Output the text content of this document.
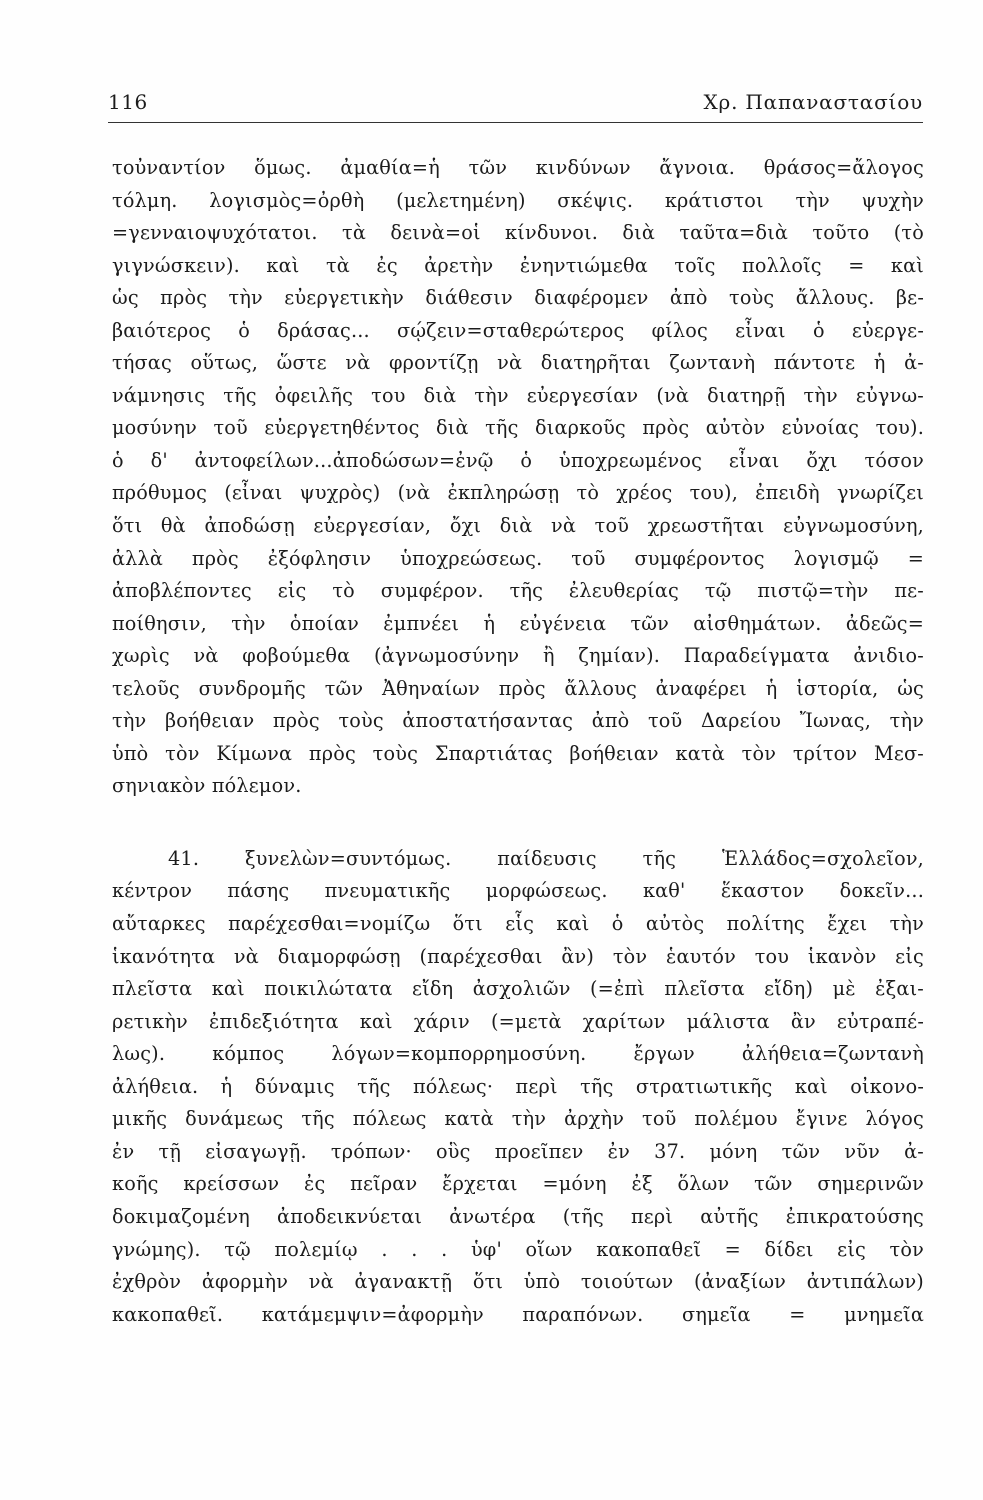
116	Χρ. Παπαναστασίου
τοὐναντίον ὅμως. ἀμαθία=ἡ τῶν κινδύνων ἄγνοια. θράσος=ἄλογος
τόλμη. λογισμὸς=ὀρθὴ (μελετημένη) σκέψις. κράτιστοι τὴν ψυχὴν
=γενναιοψυχότατοι. τὰ δεινὰ=οἱ κίνδυνοι. διὰ ταῦτα=διὰ τοῦτο (τὸ
γιγνώσκειν). καὶ τὰ ἐς ἀρετὴν ἐνηντιώμεθα τοῖς πολλοῖς = καὶ
ὡς πρὸς τὴν εὐεργετικὴν διάθεσιν διαφέρομεν ἀπὸ τοὺς ἄλλους. βε-
βαιότερος ὁ δράσας... σῴζειν=σταθερώτερος φίλος εἶναι ὁ εὐεργε-
τήσας οὕτως, ὥστε νὰ φροντίζῃ νὰ διατηρῆται ζωντανὴ πάντοτε ἡ ἀ-
νάμνησις τῆς ὀφειλῆς του διὰ τὴν εὐεργεσίαν (νὰ διατηρῇ τὴν εὐγνω-
μοσύνην τοῦ εὐεργετηθέντος διὰ τῆς διαρκοῦς πρὸς αὐτὸν εὐνοίας του).
ὁ δ' ἀντοφείλων...ἀποδώσων=ἐνῷ ὁ ὑποχρεωμένος εἶναι ὄχι τόσον
πρόθυμος (εἶναι ψυχρὸς) (νὰ ἐκπληρώσῃ τὸ χρέος του), ἐπειδὴ γνωρίζει
ὅτι θὰ ἀποδώσῃ εὐεργεσίαν, ὄχι διὰ νὰ τοῦ χρεωστῆται εὐγνωμοσύνη,
ἀλλὰ πρὸς ἐξόφλησιν ὑποχρεώσεως. τοῦ συμφέροντος λογισμῷ =
ἀποβλέποντες εἰς τὸ συμφέρον. τῆς ἐλευθερίας τῷ πιστῷ=τὴν πε-
ποίθησιν, τὴν ὁποίαν ἐμπνέει ἡ εὐγένεια τῶν αἰσθημάτων. ἀδεῶς=
χωρὶς νὰ φοβούμεθα (ἀγνωμοσύνην ἢ ζημίαν). Παραδείγματα ἀνιδιο-
τελοῦς συνδρομῆς τῶν Ἀθηναίων πρὸς ἄλλους ἀναφέρει ἡ ἱστορία, ὡς
τὴν βοήθειαν πρὸς τοὺς ἀποστατήσαντας ἀπὸ τοῦ Δαρείου Ἴωνας, τὴν
ὑπὸ τὸν Κίμωνα πρὸς τοὺς Σπαρτιάτας βοήθειαν κατὰ τὸν τρίτον Μεσ-
σηνιακὸν πόλεμον.
41. ξυνελὼν=συντόμως. παίδευσις τῆς Ἑλλάδος=σχολεῖον,
κέντρον πάσης πνευματικῆς μορφώσεως. καθ' ἕκαστον δοκεῖν...
αὔταρκες παρέχεσθαι=νομίζω ὅτι εἷς καὶ ὁ αὐτὸς πολίτης ἔχει τὴν
ἱκανότητα νὰ διαμορφώσῃ (παρέχεσθαι ἂν) τὸν ἑαυτόν του ἱκανὸν εἰς
πλεῖστα καὶ ποικιλώτατα εἴδη ἀσχολιῶν (=ἐπὶ πλεῖστα εἴδη) μὲ ἐξαι-
ρετικὴν ἐπιδεξιότητα καὶ χάριν (=μετὰ χαρίτων μάλιστα ἂν εὐτραπέ-
λως). κόμπος λόγων=κομπορρημοσύνη. ἔργων ἀλήθεια=ζωντανὴ
ἀλήθεια. ἡ δύναμις τῆς πόλεως· περὶ τῆς στρατιωτικῆς καὶ οἰκονο-
μικῆς δυνάμεως τῆς πόλεως κατὰ τὴν ἀρχὴν τοῦ πολέμου ἔγινε λόγος
ἐν τῇ εἰσαγωγῇ. τρόπων· οὓς προεῖπεν ἐν 37. μόνη τῶν νῦν ἀ-
κοῆς κρείσσων ἐς πεῖραν ἔρχεται =μόνη ἐξ ὅλων τῶν σημερινῶν
δοκιμαζομένη ἀποδεικνύεται ἀνωτέρα (τῆς περὶ αὐτῆς ἐπικρατούσης
γνώμης). τῷ πολεμίῳ . . . ὑφ' οἵων κακοπαθεῖ = δίδει εἰς τὸν
ἐχθρὸν ἀφορμὴν νὰ ἀγανακτῇ ὅτι ὑπὸ τοιούτων (ἀναξίων ἀντιπάλων)
κακοπαθεῖ. κατάμεμψιν=ἀφορμὴν παραπόνων. σημεῖα = μνημεῖα
